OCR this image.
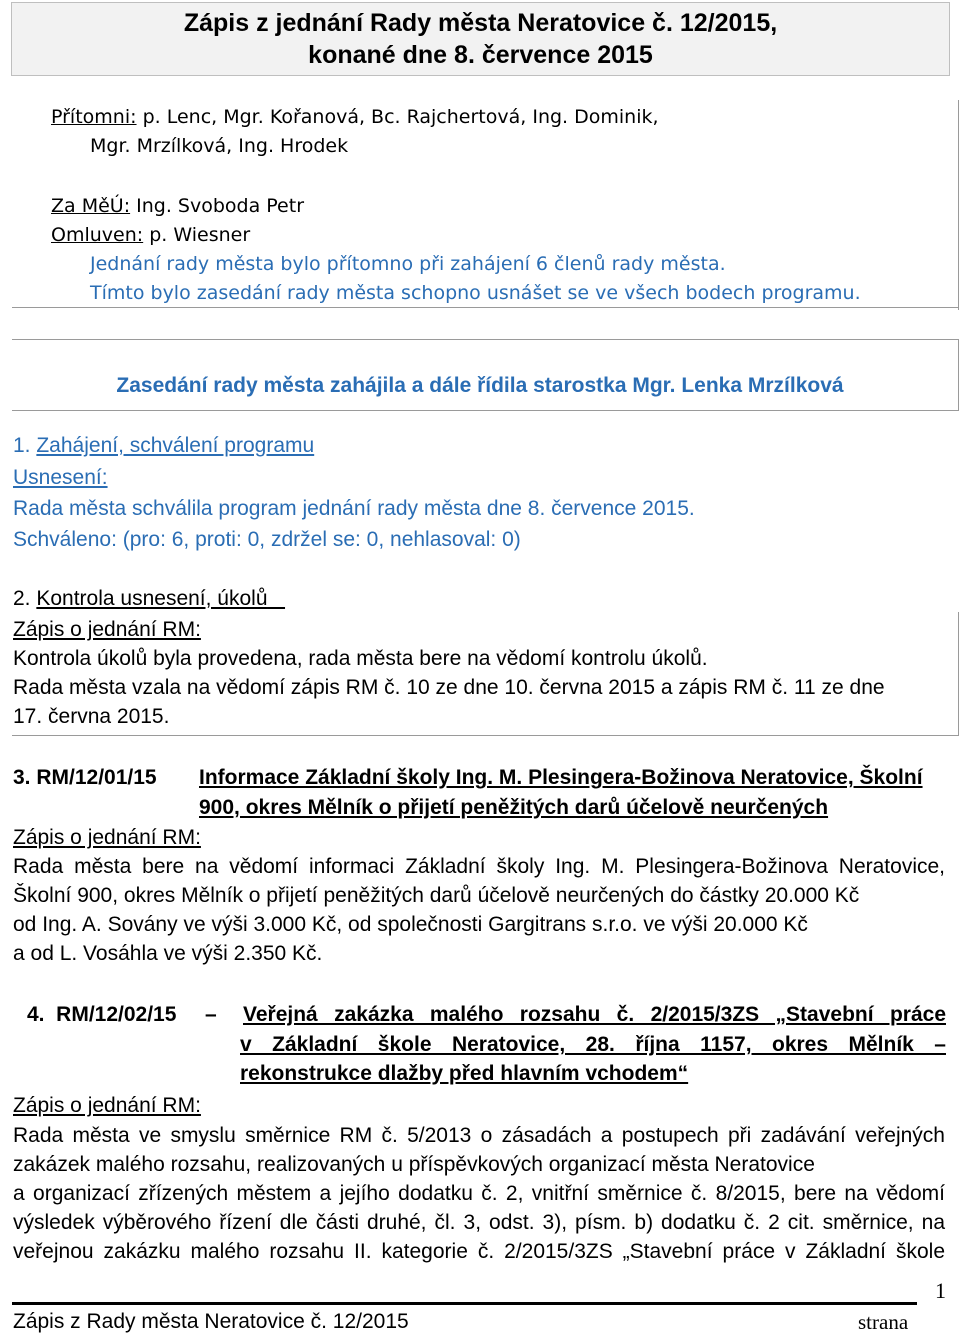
Zápis z jednání Rady města Neratovice č. 12/2015,
konané dne 8. července 2015
Přítomni: p. Lenc, Mgr. Kořanová, Bc. Rajchertová, Ing. Dominik,
Mgr. Mrzílková, Ing. Hrodek
Za MěÚ: Ing. Svoboda Petr
Omluven: p. Wiesner
Jednání rady města bylo přítomno při zahájení 6 členů rady města.
Tímto bylo zasedání rady města schopno usnášet se ve všech bodech programu.
Zasedání rady města zahájila a dále řídila starostka Mgr. Lenka Mrzílková
1. Zahájení, schválení programu
Usnesení:
Rada města schválila program jednání rady města dne 8. července 2015.
Schváleno: (pro: 6, proti: 0, zdržel se: 0, nehlasoval: 0)
2. Kontrola usnesení, úkolů
Zápis o jednání RM:
Kontrola úkolů byla provedena, rada města bere na vědomí kontrolu úkolů.
Rada města vzala na vědomí zápis RM č. 10 ze dne 10. června 2015 a zápis RM č. 11 ze dne
17. června 2015.
3. RM/12/01/15 Informace Základní školy Ing. M. Plesingera-Božinova Neratovice, Školní
900, okres Mělník o přijetí peněžitých darů účelově neurčených
Zápis o jednání RM:
Rada města bere na vědomí informaci Základní školy Ing. M. Plesingera-Božinova Neratovice,
Školní 900, okres Mělník o přijetí peněžitých darů účelově neurčených do částky 20.000 Kč
od Ing. A. Sovány ve výši 3.000 Kč, od společnosti Gargitrans s.r.o. ve výši 20.000 Kč
a od L. Vosáhla ve výši 2.350 Kč.
4.  RM/12/02/15 – Veřejná zakázka malého rozsahu č. 2/2015/3ZS „Stavební práce
v Základní škole Neratovice, 28. října 1157, okres Mělník –
rekonstrukce dlažby před hlavním vchodem“
Zápis o jednání RM:
Rada města ve smyslu směrnice RM č. 5/2013 o zásadách a postupech při zadávání veřejných
zakázek malého rozsahu, realizovaných u příspěvkových organizací města Neratovice
a organizací zřízených městem a jejího dodatku č. 2, vnitřní směrnice č. 8/2015, bere na vědomí
výsledek výběrového řízení dle části druhé, čl. 3, odst. 3), písm. b) dodatku č. 2 cit. směrnice, na
veřejnou zakázku malého rozsahu II. kategorie č. 2/2015/3ZS „Stavební práce v Základní škole
1
Zápis z Rady města Neratovice č. 12/2015	strana
